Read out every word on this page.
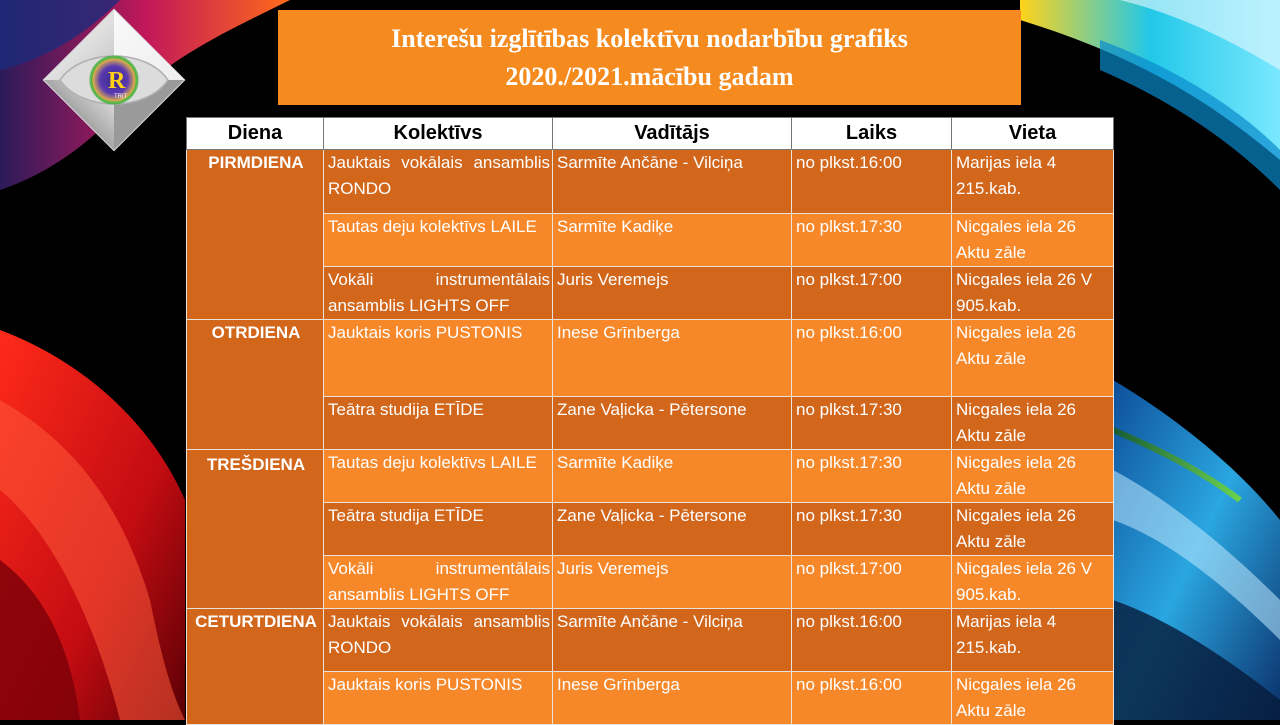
R
TRIT
Interešu izglītības kolektīvu nodarbību grafiks
2020./2021.mācību gadam
Diena	Kolektīvs	Vadītājs	Laiks	Vieta
PIRMDIENA	Jauktais vokālais ansamblis RONDO	Sarmīte Ančāne - Vilciņa	no plkst.16:00	Marijas iela 4 215.kab.
	Tautas deju kolektīvs LAILE	Sarmīte Kadiķe	no plkst.17:30	Nicgales iela 26 Aktu zāle
	Vokāli instrumentālais ansamblis LIGHTS OFF	Juris Veremejs	no plkst.17:00	Nicgales iela 26 V 905.kab.
OTRDIENA	Jauktais koris PUSTONIS	Inese Grīnberga	no plkst.16:00	Nicgales iela 26 Aktu zāle
	Teātra studija ETĪDE	Zane Vaļicka - Pētersone	no plkst.17:30	Nicgales iela 26 Aktu zāle
TREŠDIENA	Tautas deju kolektīvs LAILE	Sarmīte Kadiķe	no plkst.17:30	Nicgales iela 26 Aktu zāle
	Teātra studija ETĪDE	Zane Vaļicka - Pētersone	no plkst.17:30	Nicgales iela 26 Aktu zāle
	Vokāli instrumentālais ansamblis LIGHTS OFF	Juris Veremejs	no plkst.17:00	Nicgales iela 26 V 905.kab.
CETURTDIENA	Jauktais vokālais ansamblis RONDO	Sarmīte Ančāne - Vilciņa	no plkst.16:00	Marijas iela 4 215.kab.
	Jauktais koris PUSTONIS	Inese Grīnberga	no plkst.16:00	Nicgales iela 26 Aktu zāle
